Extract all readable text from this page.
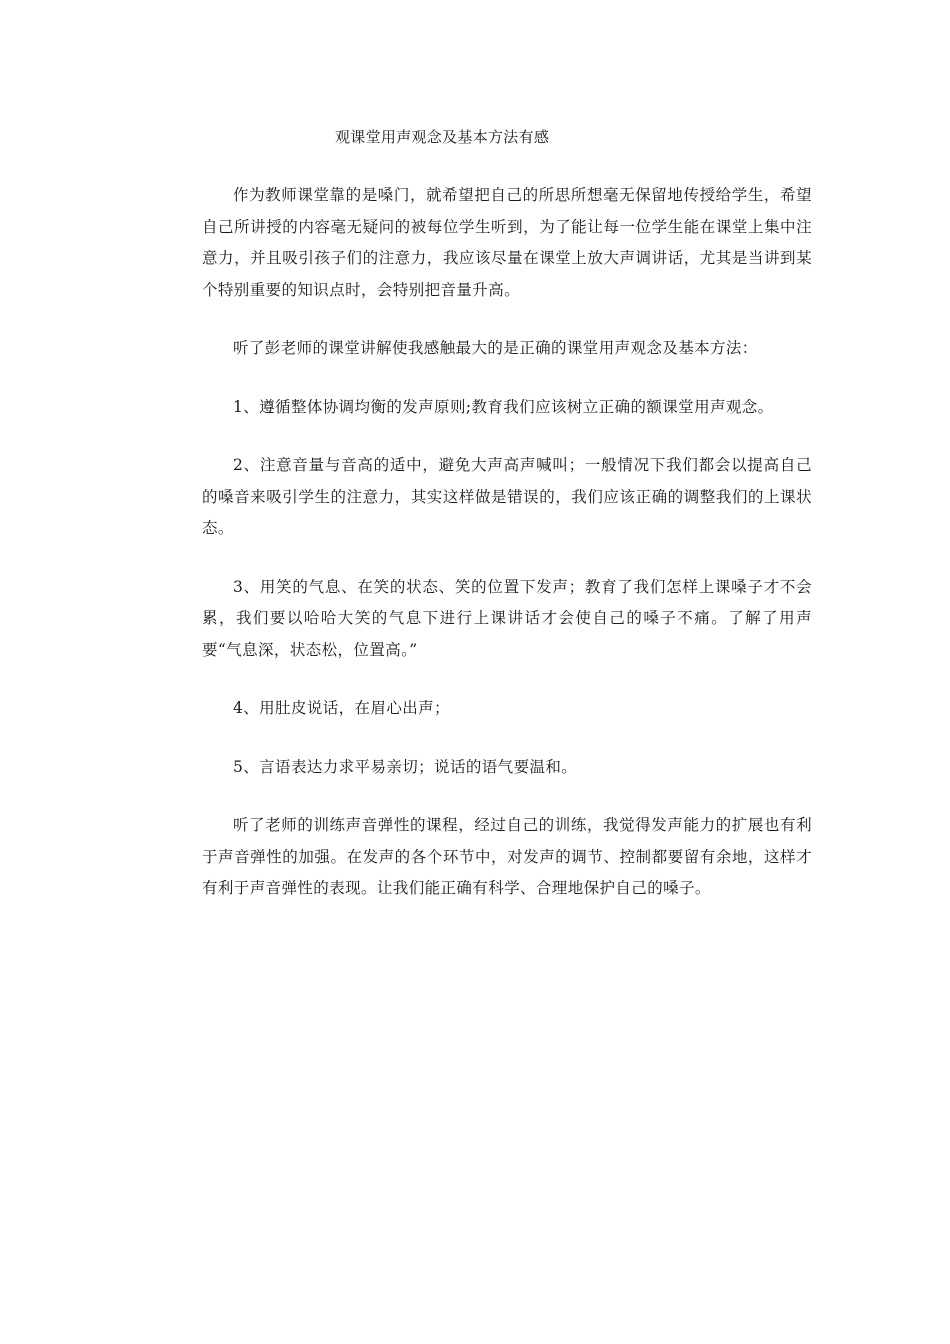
观课堂用声观念及基本方法有感

作为教师课堂靠的是嗓门，就希望把自己的所思所想毫无保留地传授给学生，希望自己所讲授的内容毫无疑问的被每位学生听到，为了能让每一位学生能在课堂上集中注意力，并且吸引孩子们的注意力，我应该尽量在课堂上放大声调讲话，尤其是当讲到某个特别重要的知识点时，会特别把音量升高。

听了彭老师的课堂讲解使我感触最大的是正确的课堂用声观念及基本方法：

1、遵循整体协调均衡的发声原则;教育我们应该树立正确的额课堂用声观念。

2、注意音量与音高的适中，避免大声高声喊叫；一般情况下我们都会以提高自己的嗓音来吸引学生的注意力，其实这样做是错误的，我们应该正确的调整我们的上课状态。

3、用笑的气息、在笑的状态、笑的位置下发声；教育了我们怎样上课嗓子才不会累，我们要以哈哈大笑的气息下进行上课讲话才会使自己的嗓子不痛。了解了用声要“气息深，状态松，位置高。”

4、用肚皮说话，在眉心出声；

5、言语表达力求平易亲切；说话的语气要温和。

听了老师的训练声音弹性的课程，经过自己的训练，我觉得发声能力的扩展也有利于声音弹性的加强。在发声的各个环节中，对发声的调节、控制都要留有余地，这样才有利于声音弹性的表现。让我们能正确有科学、合理地保护自己的嗓子。
